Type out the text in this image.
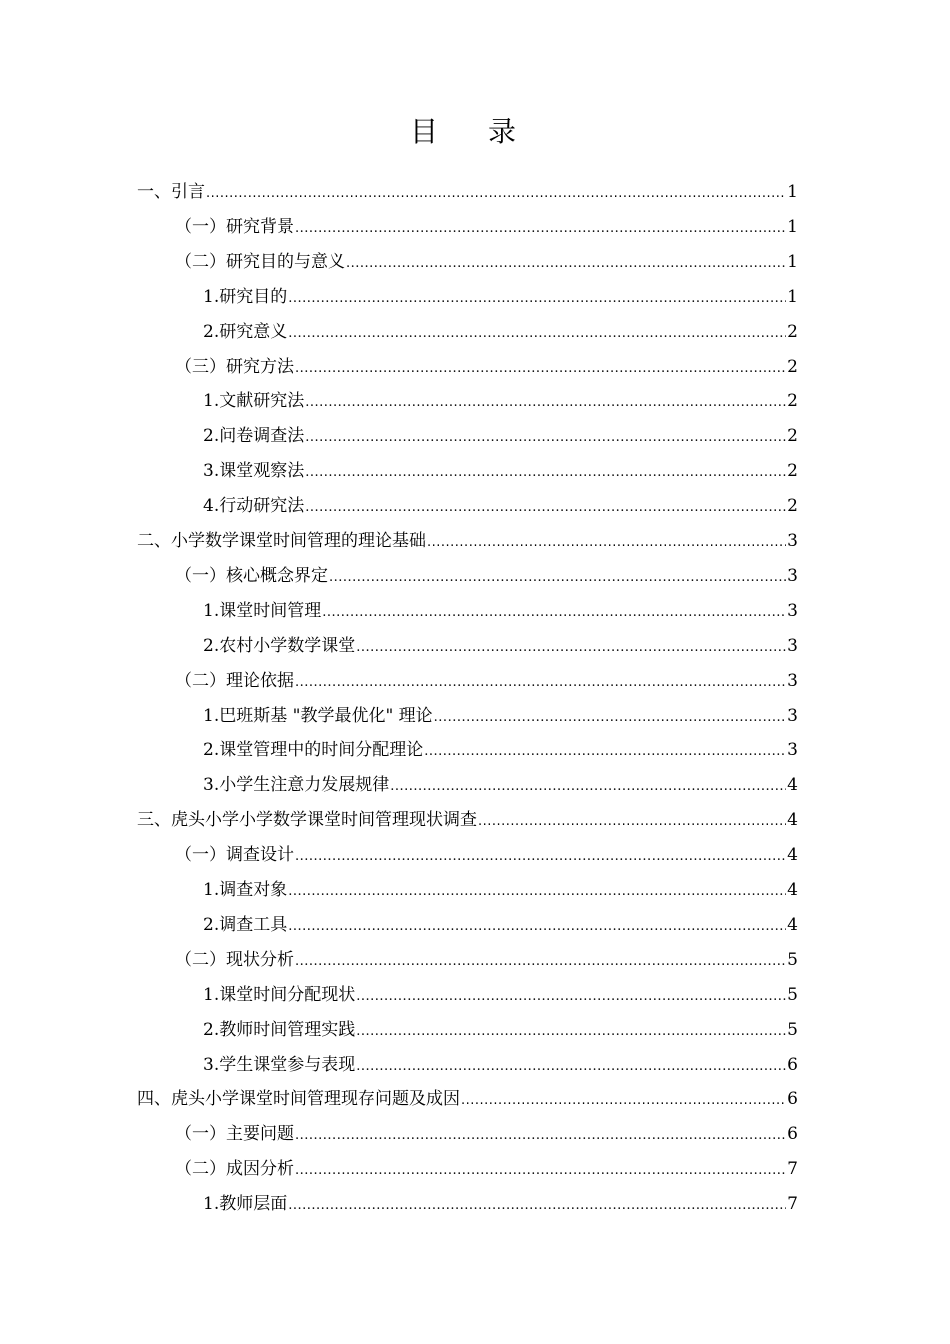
目录
一、引言 .....	1
（一）研究背景 .....	1
（二）研究目的与意义 .....	1
1.研究目的 .....	1
2.研究意义 .....	2
（三）研究方法 .....	2
1.文献研究法 .....	2
2.问卷调查法 .....	2
3.课堂观察法 .....	2
4.行动研究法 .....	2
二、小学数学课堂时间管理的理论基础 .....	3
（一）核心概念界定 .....	3
1.课堂时间管理 .....	3
2.农村小学数学课堂 .....	3
（二）理论依据 .....	3
1.巴班斯基 "教学最优化" 理论 .....	3
2.课堂管理中的时间分配理论 .....	3
3.小学生注意力发展规律 .....	4
三、虎头小学小学数学课堂时间管理现状调查 .....	4
（一）调查设计 .....	4
1.调查对象 .....	4
2.调查工具 .....	4
（二）现状分析 .....	5
1.课堂时间分配现状 .....	5
2.教师时间管理实践 .....	5
3.学生课堂参与表现 .....	6
四、虎头小学课堂时间管理现存问题及成因 .....	6
（一）主要问题 .....	6
（二）成因分析 .....	7
1.教师层面 .....	7
